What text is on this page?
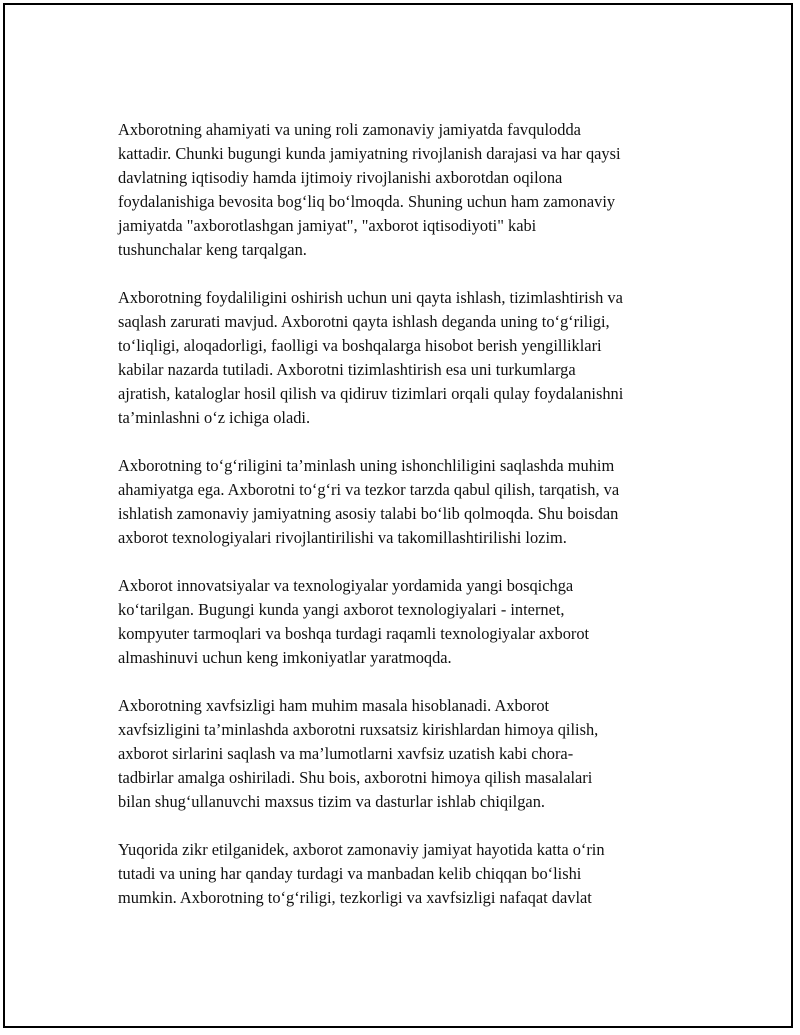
Axborotning ahamiyati va uning roli zamonaviy jamiyatda favqulodda
kattadir. Chunki bugungi kunda jamiyatning rivojlanish darajasi va har qaysi
davlatning iqtisodiy hamda ijtimoiy rivojlanishi axborotdan oqilona
foydalanishiga bevosita bog‘liq bo‘lmoqda. Shuning uchun ham zamonaviy
jamiyatda "axborotlashgan jamiyat", "axborot iqtisodiyoti" kabi
tushunchalar keng tarqalgan.

Axborotning foydaliligini oshirish uchun uni qayta ishlash, tizimlashtirish va
saqlash zarurati mavjud. Axborotni qayta ishlash deganda uning to‘g‘riligi,
to‘liqligi, aloqadorligi, faolligi va boshqalarga hisobot berish yengilliklari
kabilar nazarda tutiladi. Axborotni tizimlashtirish esa uni turkumlarga
ajratish, kataloglar hosil qilish va qidiruv tizimlari orqali qulay foydalanishni
ta’minlashni o‘z ichiga oladi.

Axborotning to‘g‘riligini ta’minlash uning ishonchliligini saqlashda muhim
ahamiyatga ega. Axborotni to‘g‘ri va tezkor tarzda qabul qilish, tarqatish, va
ishlatish zamonaviy jamiyatning asosiy talabi bo‘lib qolmoqda. Shu boisdan
axborot texnologiyalari rivojlantirilishi va takomillashtirilishi lozim.

Axborot innovatsiyalar va texnologiyalar yordamida yangi bosqichga
ko‘tarilgan. Bugungi kunda yangi axborot texnologiyalari - internet,
kompyuter tarmoqlari va boshqa turdagi raqamli texnologiyalar axborot
almashinuvi uchun keng imkoniyatlar yaratmoqda.

Axborotning xavfsizligi ham muhim masala hisoblanadi. Axborot
xavfsizligini ta’minlashda axborotni ruxsatsiz kirishlardan himoya qilish,
axborot sirlarini saqlash va ma’lumotlarni xavfsiz uzatish kabi chora-
tadbirlar amalga oshiriladi. Shu bois, axborotni himoya qilish masalalari
bilan shug‘ullanuvchi maxsus tizim va dasturlar ishlab chiqilgan.

Yuqorida zikr etilganidek, axborot zamonaviy jamiyat hayotida katta o‘rin
tutadi va uning har qanday turdagi va manbadan kelib chiqqan bo‘lishi
mumkin. Axborotning to‘g‘riligi, tezkorligi va xavfsizligi nafaqat davlat
